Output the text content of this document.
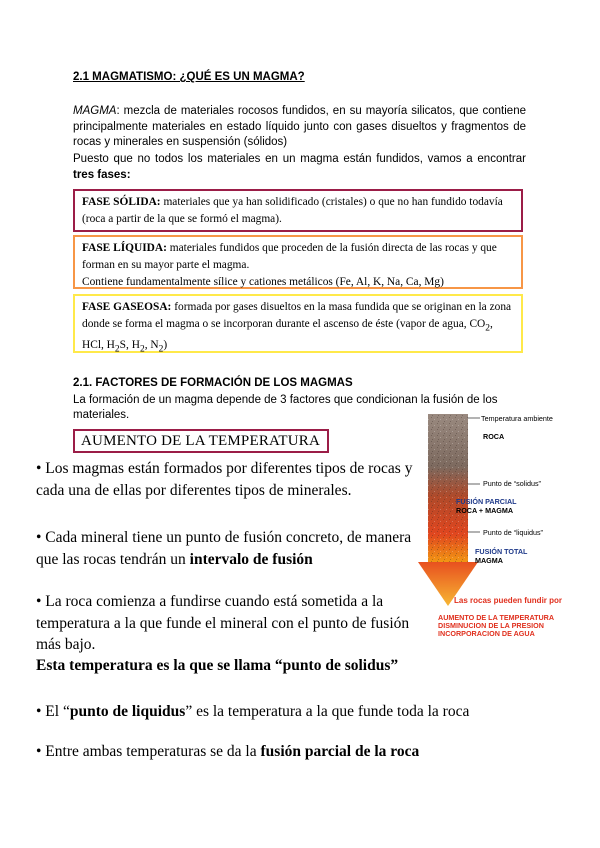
2.1 MAGMATISMO: ¿QUÉ ES UN MAGMA?
MAGMA: mezcla de materiales rocosos fundidos, en su mayoría silicatos, que contiene principalmente materiales en estado líquido junto con gases disueltos y fragmentos de rocas y minerales en suspensión (sólidos)
Puesto que no todos los materiales en un magma están fundidos, vamos a encontrar tres fases:
FASE SÓLIDA: materiales que ya han solidificado (cristales) o que no han fundido todavía (roca a partir de la que se formó el magma).
FASE LÍQUIDA: materiales fundidos que proceden de la fusión directa de las rocas y que forman en su mayor parte el magma.
Contiene fundamentalmente sílice y cationes metálicos (Fe, Al, K, Na, Ca, Mg)
FASE GASEOSA: formada por gases disueltos en la masa fundida que se originan en la zona donde se forma el magma o se incorporan durante el ascenso de éste (vapor de agua, $CO_2$, HCl, $H_2S$, $H_2$, $N_2$)
2.1. FACTORES DE FORMACIÓN DE LOS MAGMAS
La formación de un magma depende de 3 factores que condicionan la fusión de los materiales.
AUMENTO DE LA TEMPERATURA
• Los magmas están formados por diferentes tipos de rocas y cada una de ellas por diferentes tipos de minerales.
• Cada mineral tiene un punto de fusión concreto, de manera que las rocas tendrán un intervalo de fusión
• La roca comienza a fundirse cuando está sometida a la temperatura a la que funde el mineral con el punto de fusión más bajo.
Esta temperatura es la que se llama “punto de solidus”
• El “punto de liquidus” es la temperatura a la que funde toda la roca
• Entre ambas temperaturas se da la fusión parcial de la roca
Temperatura ambiente
ROCA
Punto de “solidus”
FUSIÓN PARCIAL
ROCA + MAGMA
Punto de “liquidus”
FUSIÓN TOTAL
MAGMA
Las rocas pueden fundir por
AUMENTO DE LA TEMPERATURA
DISMINUCION DE LA PRESION
INCORPORACION DE AGUA
